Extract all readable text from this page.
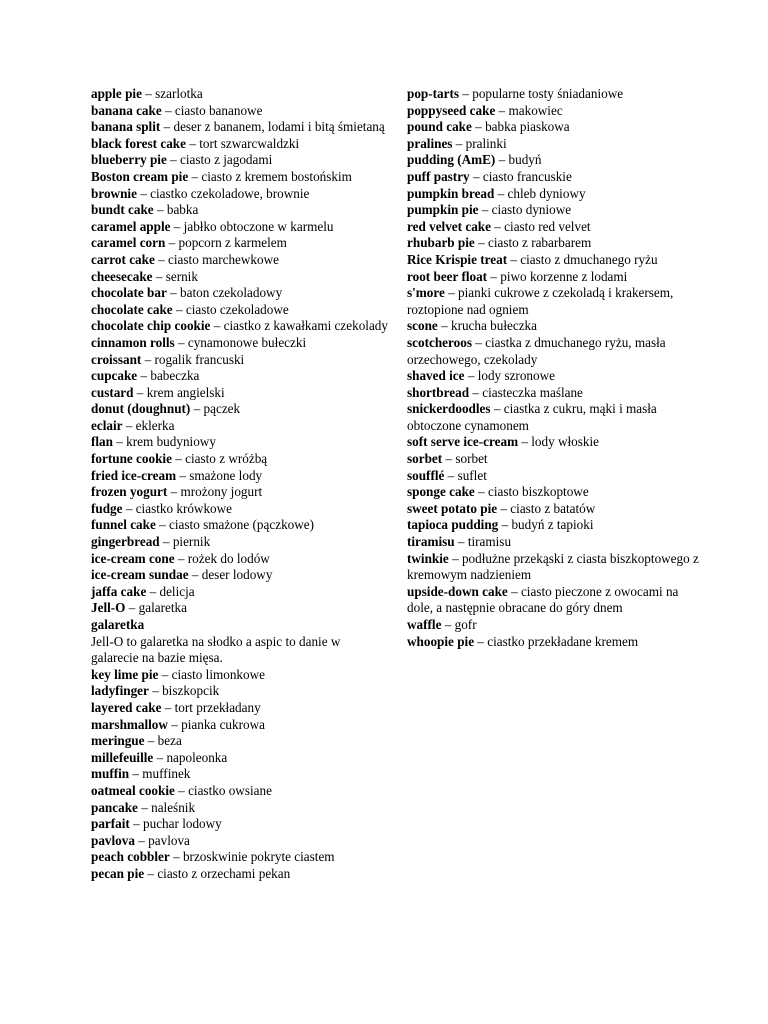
apple pie – szarlotka

banana cake – ciasto bananowe

banana split – deser z bananem, lodami i bitą śmietaną

black forest cake – tort szwarcwaldzki

blueberry pie – ciasto z jagodami

Boston cream pie – ciasto z kremem bostońskim

brownie – ciastko czekoladowe, brownie

bundt cake – babka

caramel apple – jabłko obtoczone w karmelu

caramel corn – popcorn z karmelem

carrot cake – ciasto marchewkowe

cheesecake – sernik

chocolate bar – baton czekoladowy

chocolate cake – ciasto czekoladowe

chocolate chip cookie – ciastko z kawałkami czekolady

cinnamon rolls – cynamonowe bułeczki

croissant – rogalik francuski

cupcake – babeczka

custard – krem angielski

donut (doughnut) – pączek

eclair – eklerka

flan – krem budyniowy

fortune cookie – ciasto z wróżbą

fried ice-cream – smażone lody

frozen yogurt – mrożony jogurt

fudge – ciastko krówkowe

funnel cake – ciasto smażone (pączkowe)

gingerbread – piernik

ice-cream cone – rożek do lodów

ice-cream sundae – deser lodowy

jaffa cake – delicja

Jell-O – galaretka

galaretka

Jell-O to galaretka na słodko a aspic to danie w galarecie na bazie mięsa.

key lime pie – ciasto limonkowe

ladyfinger – biszkopcik

layered cake – tort przekładany

marshmallow – pianka cukrowa

meringue – beza

millefeuille – napoleonka

muffin – muffinek

oatmeal cookie – ciastko owsiane

pancake – naleśnik

parfait – puchar lodowy

pavlova – pavlova

peach cobbler – brzoskwinie pokryte ciastem

pecan pie – ciasto z orzechami pekan

pop-tarts – popularne tosty śniadaniowe

poppyseed cake – makowiec

pound cake – babka piaskowa

pralines – pralinki

pudding (AmE) – budyń

puff pastry – ciasto francuskie

pumpkin bread – chleb dyniowy

pumpkin pie – ciasto dyniowe

red velvet cake – ciasto red velvet

rhubarb pie – ciasto z rabarbarem

Rice Krispie treat – ciasto z dmuchanego ryżu

root beer float – piwo korzenne z lodami

s'more – pianki cukrowe z czekoladą i krakersem, roztopione nad ogniem

scone – krucha bułeczka

scotcheroos – ciastka z dmuchanego ryżu, masła orzechowego, czekolady

shaved ice – lody szronowe

shortbread – ciasteczka maślane

snickerdoodles – ciastka z cukru, mąki i masła obtoczone cynamonem

soft serve ice-cream – lody włoskie

sorbet – sorbet

soufflé – suflet

sponge cake – ciasto biszkoptowe

sweet potato pie – ciasto z batatów

tapioca pudding – budyń z tapioki

tiramisu – tiramisu

twinkie – podłużne przekąski z ciasta biszkoptowego z kremowym nadzieniem

upside-down cake – ciasto pieczone z owocami na dole, a następnie obracane do góry dnem

waffle – gofr

whoopie pie – ciastko przekładane kremem
